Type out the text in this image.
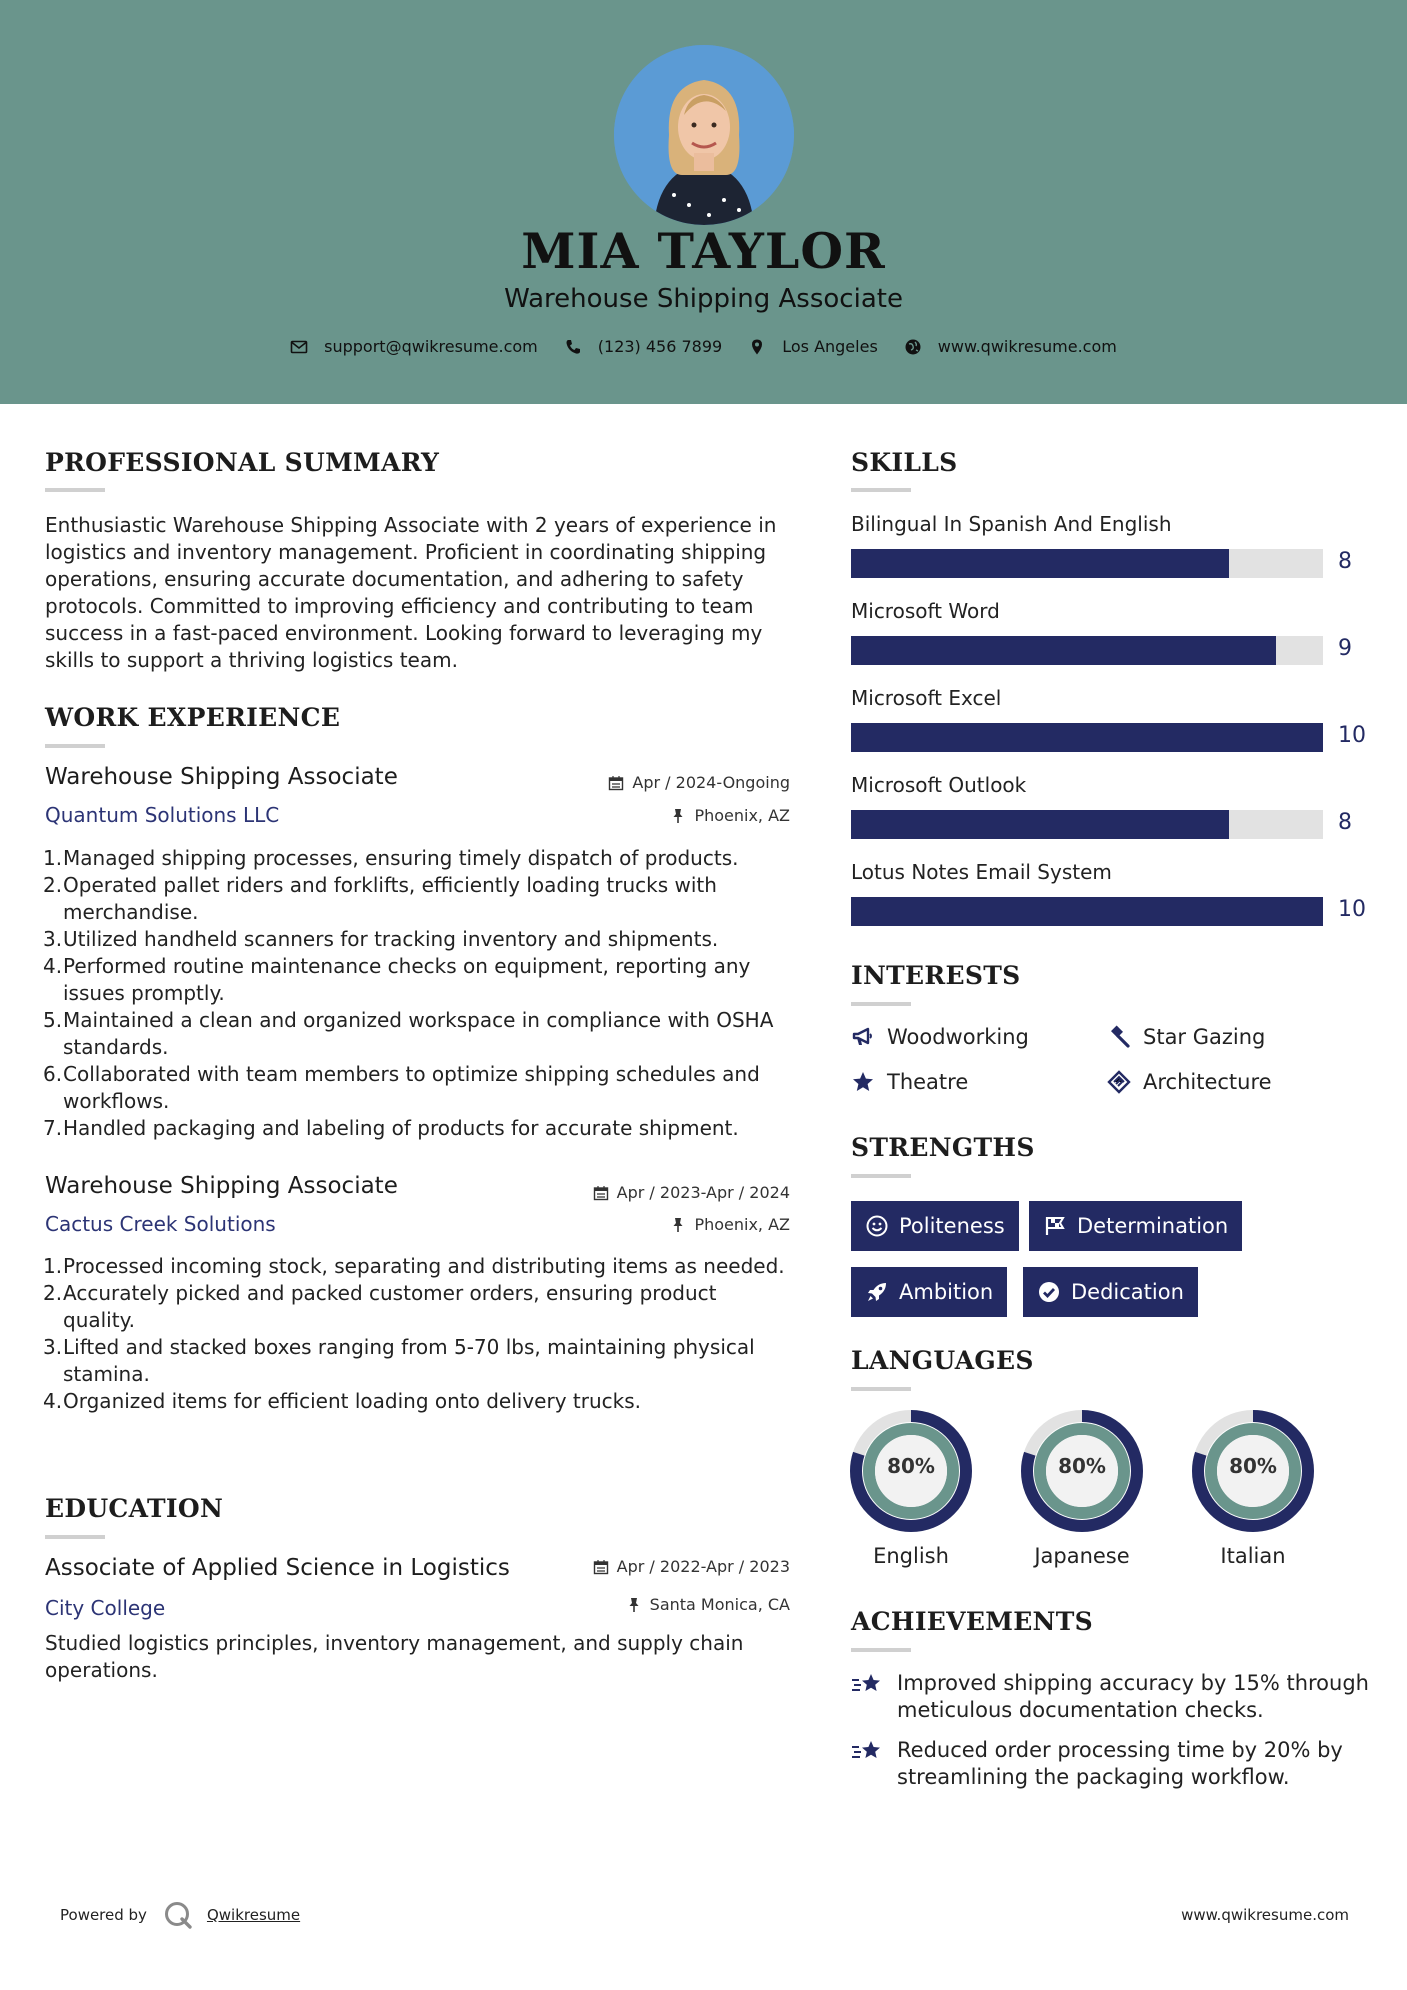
MIA TAYLOR
Warehouse Shipping Associate
support@qwikresume.com	(123) 456 7899	Los Angeles	www.qwikresume.com
PROFESSIONAL SUMMARY
Enthusiastic Warehouse Shipping Associate with 2 years of experience in logistics and inventory management. Proficient in coordinating shipping operations, ensuring accurate documentation, and adhering to safety protocols. Committed to improving efficiency and contributing to team success in a fast-paced environment. Looking forward to leveraging my skills to support a thriving logistics team.
WORK EXPERIENCE
Warehouse Shipping Associate	Apr / 2024-Ongoing
Quantum Solutions LLC	Phoenix, AZ
Managed shipping processes, ensuring timely dispatch of products.
Operated pallet riders and forklifts, efficiently loading trucks with merchandise.
Utilized handheld scanners for tracking inventory and shipments.
Performed routine maintenance checks on equipment, reporting any issues promptly.
Maintained a clean and organized workspace in compliance with OSHA standards.
Collaborated with team members to optimize shipping schedules and workflows.
Handled packaging and labeling of products for accurate shipment.
Warehouse Shipping Associate	Apr / 2023-Apr / 2024
Cactus Creek Solutions	Phoenix, AZ
Processed incoming stock, separating and distributing items as needed.
Accurately picked and packed customer orders, ensuring product quality.
Lifted and stacked boxes ranging from 5-70 lbs, maintaining physical stamina.
Organized items for efficient loading onto delivery trucks.
EDUCATION
Associate of Applied Science in Logistics	Apr / 2022-Apr / 2023
City College	Santa Monica, CA
Studied logistics principles, inventory management, and supply chain operations.
SKILLS
Bilingual In Spanish And English
8
Microsoft Word
9
Microsoft Excel
10
Microsoft Outlook
8
Lotus Notes Email System
10
INTERESTS
Woodworking	Star Gazing
Theatre	Architecture
STRENGTHS
Politeness	Determination
Ambition	Dedication
LANGUAGES
80%
English
80%
Japanese
80%
Italian
ACHIEVEMENTS
Improved shipping accuracy by 15% through meticulous documentation checks.
Reduced order processing time by 20% by streamlining the packaging workflow.
Powered by	Qwikresume	www.qwikresume.com
